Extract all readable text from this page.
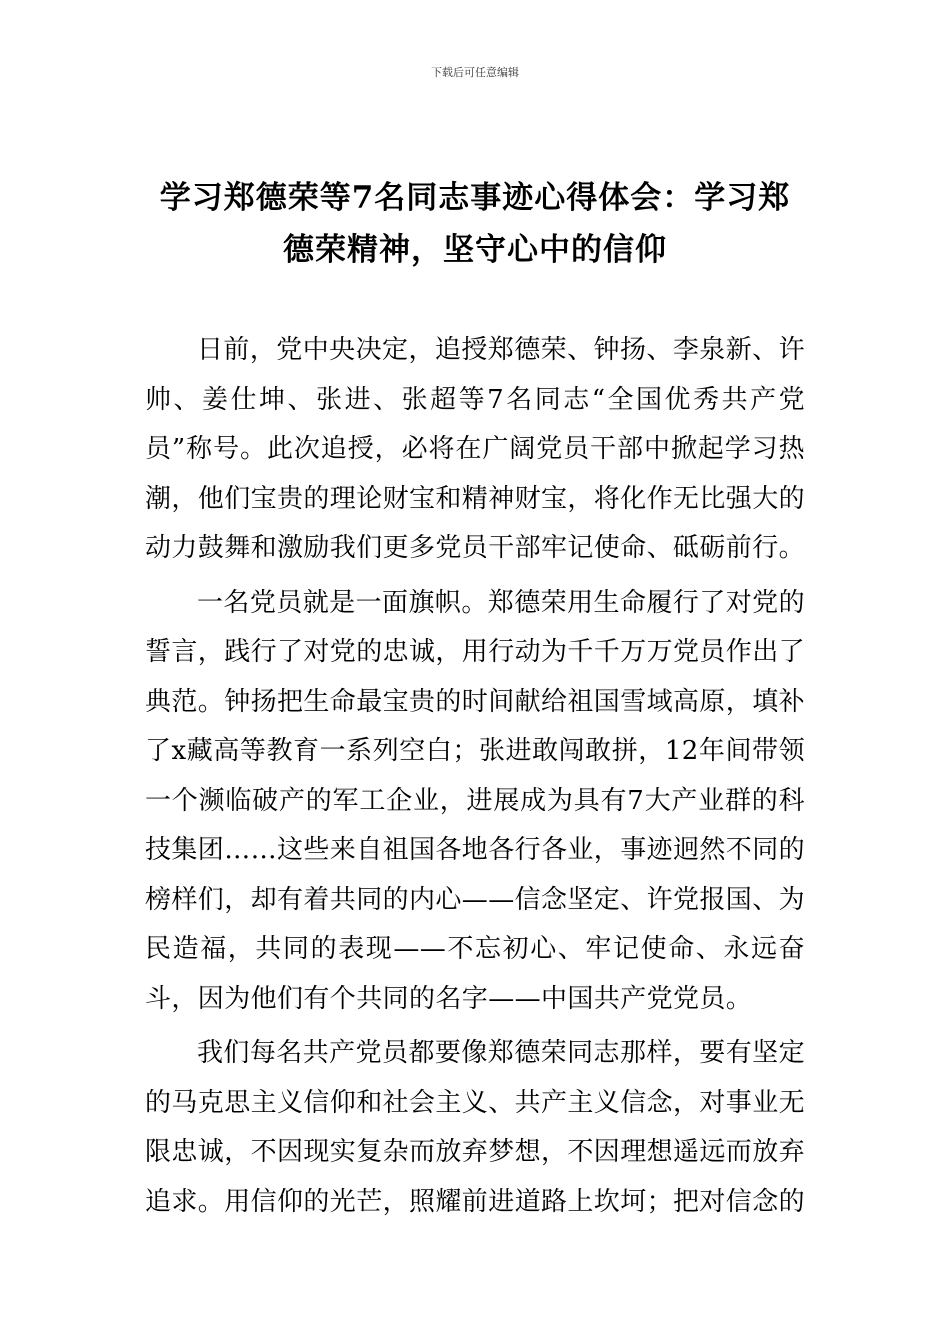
下载后可任意编辑
学习郑德荣等7名同志事迹心得体会：学习郑德荣精神，坚守心中的信仰

日前，党中央决定，追授郑德荣、钟扬、李泉新、许帅、姜仕坤、张进、张超等7名同志“全国优秀共产党员”称号。此次追授，必将在广阔党员干部中掀起学习热潮，他们宝贵的理论财宝和精神财宝，将化作无比强大的动力鼓舞和激励我们更多党员干部牢记使命、砥砺前行。

一名党员就是一面旗帜。郑德荣用生命履行了对党的誓言，践行了对党的忠诚，用行动为千千万万党员作出了典范。钟扬把生命最宝贵的时间献给祖国雪域高原，填补了x藏高等教育一系列空白；张进敢闯敢拼，12年间带领一个濒临破产的军工企业，进展成为具有7大产业群的科技集团……这些来自祖国各地各行各业，事迹迥然不同的榜样们，却有着共同的内心——信念坚定、许党报国、为民造福，共同的表现——不忘初心、牢记使命、永远奋斗，因为他们有个共同的名字——中国共产党党员。

我们每名共产党员都要像郑德荣同志那样，要有坚定的马克思主义信仰和社会主义、共产主义信念，对事业无限忠诚，不因现实复杂而放弃梦想，不因理想遥远而放弃追求。用信仰的光芒，照耀前进道路上坎坷；把对信念的
